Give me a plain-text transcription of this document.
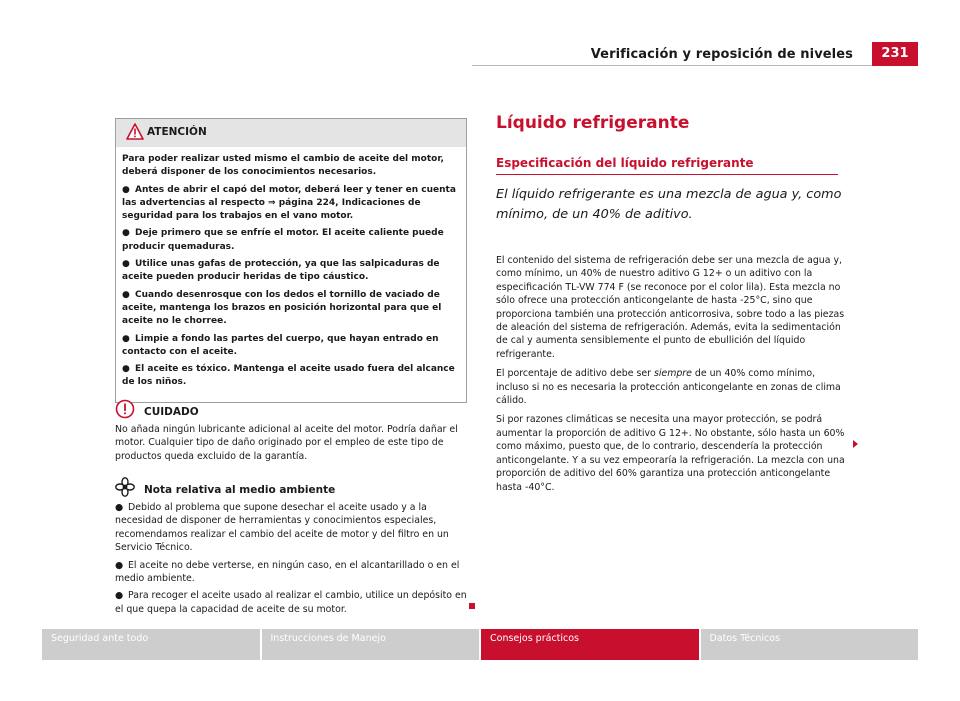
Verificación y reposición de niveles	231
ATENCIÓN

Para poder realizar usted mismo el cambio de aceite del motor, deberá disponer de los conocimientos necesarios.

● Antes de abrir el capó del motor, deberá leer y tener en cuenta las advertencias al respecto ⇒ página 224, Indicaciones de seguridad para los trabajos en el vano motor.

● Deje primero que se enfríe el motor. El aceite caliente puede producir quemaduras.

● Utilice unas gafas de protección, ya que las salpicaduras de aceite pueden producir heridas de tipo cáustico.

● Cuando desenrosque con los dedos el tornillo de vaciado de aceite, mantenga los brazos en posición horizontal para que el aceite no le chorree.

● Limpie a fondo las partes del cuerpo, que hayan entrado en contacto con el aceite.

● El aceite es tóxico. Mantenga el aceite usado fuera del alcance de los niños.

CUIDADO

No añada ningún lubricante adicional al aceite del motor. Podría dañar el motor. Cualquier tipo de daño originado por el empleo de este tipo de productos queda excluido de la garantía.

Nota relativa al medio ambiente

● Debido al problema que supone desechar el aceite usado y a la necesidad de disponer de herramientas y conocimientos especiales, recomendamos realizar el cambio del aceite de motor y del filtro en un Servicio Técnico.

● El aceite no debe verterse, en ningún caso, en el alcantarillado o en el medio ambiente.

● Para recoger el aceite usado al realizar el cambio, utilice un depósito en el que quepa la capacidad de aceite de su motor.

Líquido refrigerante
Especificación del líquido refrigerante
El líquido refrigerante es una mezcla de agua y, como mínimo, de un 40% de aditivo.

El contenido del sistema de refrigeración debe ser una mezcla de agua y, como mínimo, un 40% de nuestro aditivo G 12+ o un aditivo con la especificación TL-VW 774 F (se reconoce por el color lila). Esta mezcla no sólo ofrece una protección anticongelante de hasta -25°C, sino que proporciona también una protección anticorrosiva, sobre todo a las piezas de aleación del sistema de refrigeración. Además, evita la sedimentación de cal y aumenta sensiblemente el punto de ebullición del líquido refrigerante.

El porcentaje de aditivo debe ser siempre de un 40% como mínimo, incluso si no es necesaria la protección anticongelante en zonas de clima cálido.

Si por razones climáticas se necesita una mayor protección, se podrá aumentar la proporción de aditivo G 12+. No obstante, sólo hasta un 60% como máximo, puesto que, de lo contrario, descendería la protección anticongelante. Y a su vez empeoraría la refrigeración. La mezcla con una proporción de aditivo del 60% garantiza una protección anticongelante hasta -40°C.

Seguridad ante todo	Instrucciones de Manejo	Consejos prácticos	Datos Técnicos
